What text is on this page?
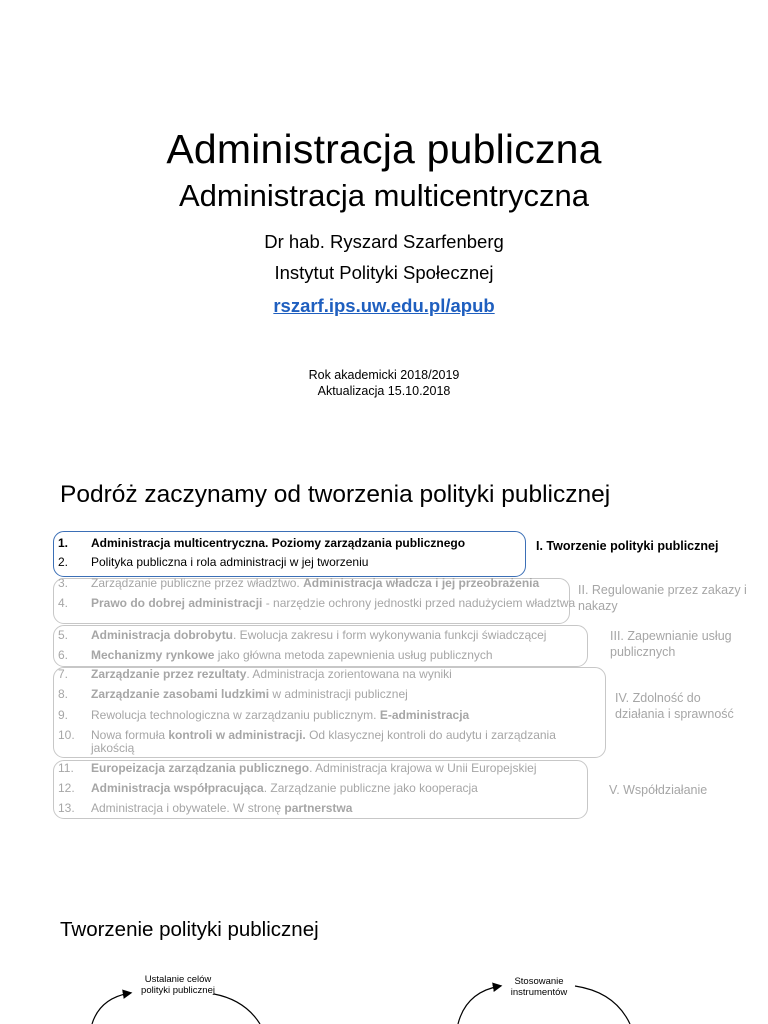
Administracja publiczna
Administracja multicentryczna
Dr hab. Ryszard Szarfenberg
Instytut Polityki Społecznej
rszarf.ips.uw.edu.pl/apub
Rok akademicki 2018/2019
Aktualizacja 15.10.2018
Podróż zaczynamy od tworzenia polityki publicznej
1.	Administracja multicentryczna. Poziomy zarządzania publicznego
2.	Polityka publiczna i rola administracji w jej tworzeniu
3.	Zarządzanie publiczne przez władztwo. Administracja władcza i jej przeobrażenia
4.	Prawo do dobrej administracji - narzędzie ochrony jednostki przed nadużyciem władztwa
5.	Administracja dobrobytu. Ewolucja zakresu i form wykonywania funkcji świadczącej
6.	Mechanizmy rynkowe jako główna metoda zapewnienia usług publicznych
7.	Zarządzanie przez rezultaty. Administracja zorientowana na wyniki
8.	Zarządzanie zasobami ludzkimi w administracji publicznej
9.	Rewolucja technologiczna w zarządzaniu publicznym. E-administracja
10.	Nowa formuła kontroli w administracji. Od klasycznej kontroli do audytu i zarządzania jakością
11.	Europeizacja zarządzania publicznego. Administracja krajowa w Unii Europejskiej
12.	Administracja współpracująca. Zarządzanie publiczne jako kooperacja
13.	Administracja i obywatele. W stronę partnerstwa
I. Tworzenie polityki publicznej
II. Regulowanie przez zakazy i nakazy
III. Zapewnianie usług publicznych
IV. Zdolność do działania i sprawność
V. Współdziałanie
Tworzenie polityki publicznej
Ustalanie celów polityki publicznej
Stosowanie instrumentów
